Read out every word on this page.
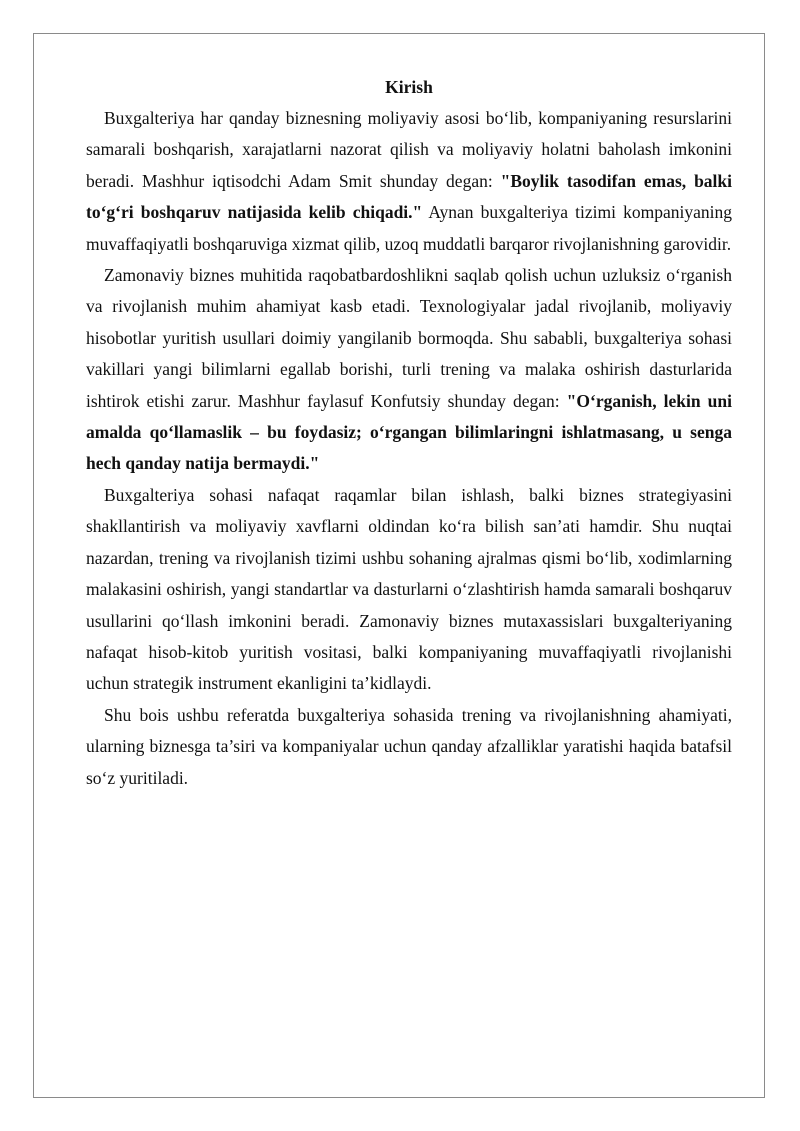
Kirish

Buxgalteriya har qanday biznesning moliyaviy asosi bo‘lib, kompaniyaning resurslarini samarali boshqarish, xarajatlarni nazorat qilish va moliyaviy holatni baholash imkonini beradi. Mashhur iqtisodchi Adam Smit shunday degan: "Boylik tasodifan emas, balki to‘g‘ri boshqaruv natijasida kelib chiqadi." Aynan buxgalteriya tizimi kompaniyaning muvaffaqiyatli boshqaruviga xizmat qilib, uzoq muddatli barqaror rivojlanishning garovidir.

Zamonaviy biznes muhitida raqobatbardoshlikni saqlab qolish uchun uzluksiz o‘rganish va rivojlanish muhim ahamiyat kasb etadi. Texnologiyalar jadal rivojlanib, moliyaviy hisobotlar yuritish usullari doimiy yangilanib bormoqda. Shu sababli, buxgalteriya sohasi vakillari yangi bilimlarni egallab borishi, turli trening va malaka oshirish dasturlarida ishtirok etishi zarur. Mashhur faylasuf Konfutsiy shunday degan: "O‘rganish, lekin uni amalda qo‘llamaslik – bu foydasiz; o‘rgangan bilimlaringni ishlatmasang, u senga hech qanday natija bermaydi."

Buxgalteriya sohasi nafaqat raqamlar bilan ishlash, balki biznes strategiyasini shakllantirish va moliyaviy xavflarni oldindan ko‘ra bilish san’ati hamdir. Shu nuqtai nazardan, trening va rivojlanish tizimi ushbu sohaning ajralmas qismi bo‘lib, xodimlarning malakasini oshirish, yangi standartlar va dasturlarni o‘zlashtirish hamda samarali boshqaruv usullarini qo‘llash imkonini beradi. Zamonaviy biznes mutaxassislari buxgalteriyaning nafaqat hisob-kitob yuritish vositasi, balki kompaniyaning muvaffaqiyatli rivojlanishi uchun strategik instrument ekanligini ta’kidlaydi.

Shu bois ushbu referatda buxgalteriya sohasida trening va rivojlanishning ahamiyati, ularning biznesga ta’siri va kompaniyalar uchun qanday afzalliklar yaratishi haqida batafsil so‘z yuritiladi.
